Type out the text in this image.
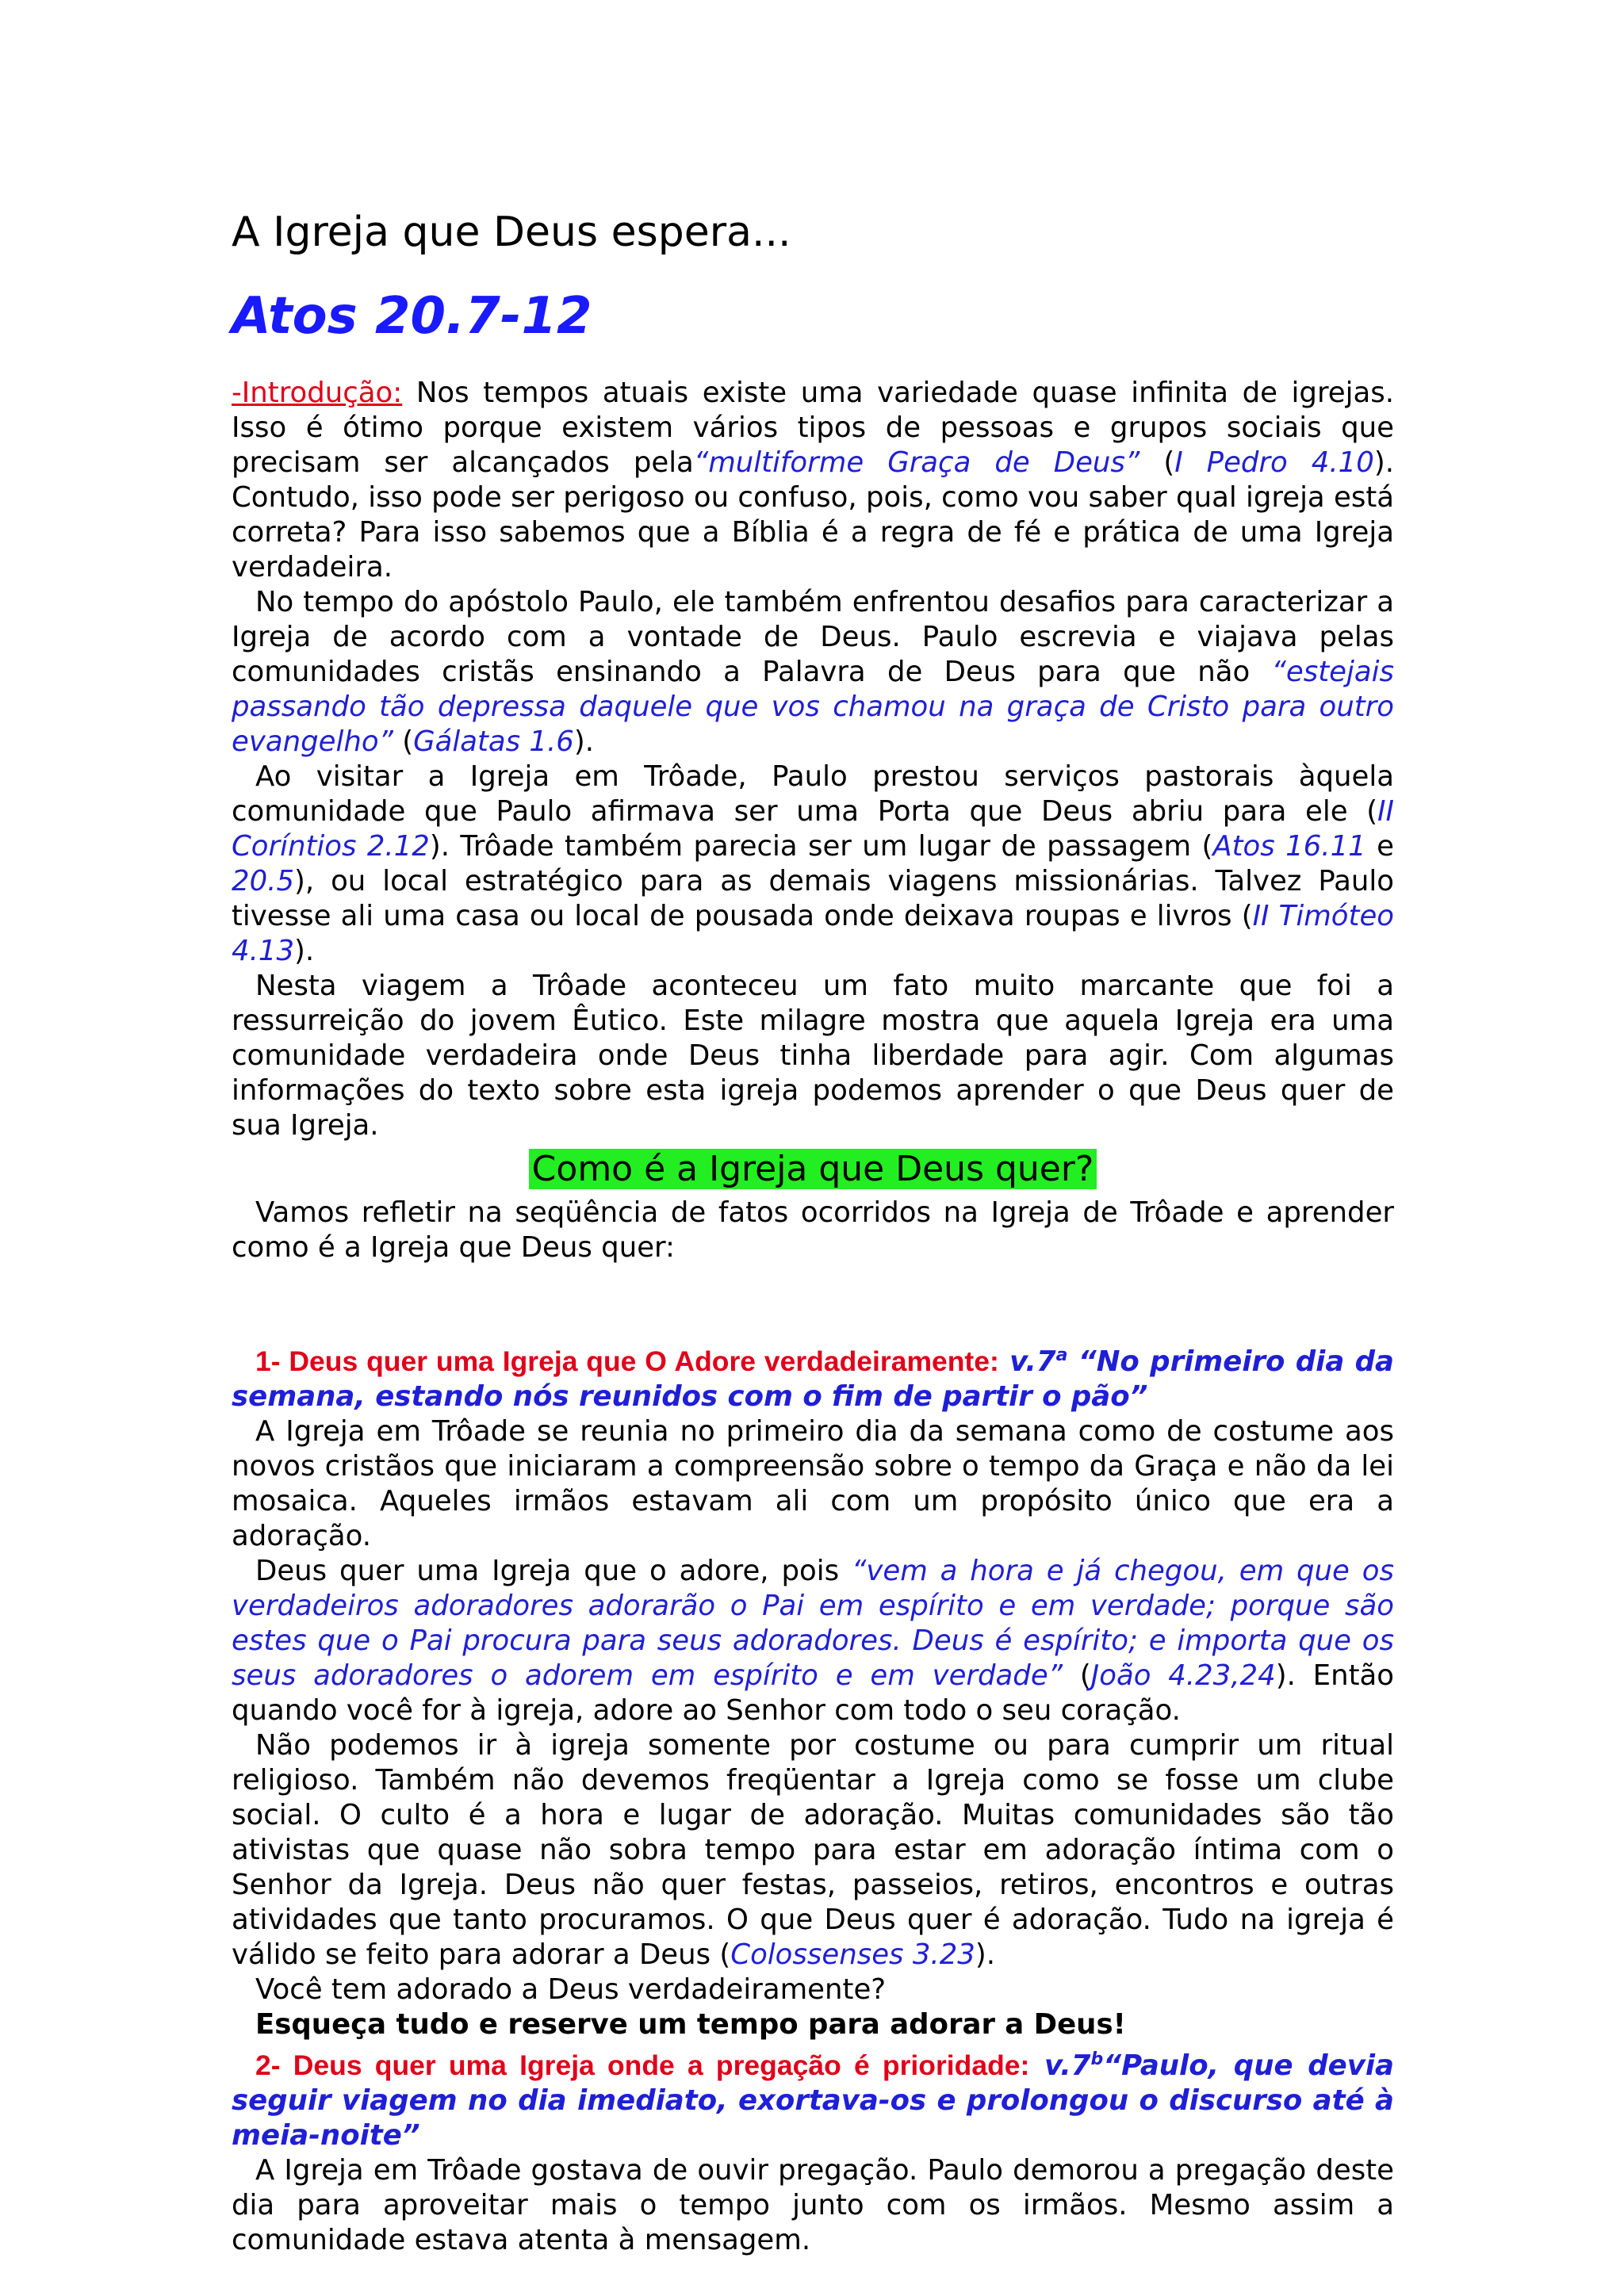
A Igreja que Deus espera...
Atos 20.7-12

-Introdução: Nos tempos atuais existe uma variedade quase infinita de igrejas. Isso é ótimo porque existem vários tipos de pessoas e grupos sociais que precisam ser alcançados pela“multiforme Graça de Deus” (I Pedro 4.10). Contudo, isso pode ser perigoso ou confuso, pois, como vou saber qual igreja está correta? Para isso sabemos que a Bíblia é a regra de fé e prática de uma Igreja verdadeira.

No tempo do apóstolo Paulo, ele também enfrentou desafios para caracterizar a Igreja de acordo com a vontade de Deus. Paulo escrevia e viajava pelas comunidades cristãs ensinando a Palavra de Deus para que não “estejais passando tão depressa daquele que vos chamou na graça de Cristo para outro evangelho” (Gálatas 1.6).

Ao visitar a Igreja em Trôade, Paulo prestou serviços pastorais àquela comunidade que Paulo afirmava ser uma Porta que Deus abriu para ele (II Coríntios 2.12). Trôade também parecia ser um lugar de passagem (Atos 16.11 e 20.5), ou local estratégico para as demais viagens missionárias. Talvez Paulo tivesse ali uma casa ou local de pousada onde deixava roupas e livros (II Timóteo 4.13).

Nesta viagem a Trôade aconteceu um fato muito marcante que foi a ressurreição do jovem Êutico. Este milagre mostra que aquela Igreja era uma comunidade verdadeira onde Deus tinha liberdade para agir. Com algumas informações do texto sobre esta igreja podemos aprender o que Deus quer de sua Igreja.

Como é a Igreja que Deus quer?

Vamos refletir na seqüência de fatos ocorridos na Igreja de Trôade e aprender como é a Igreja que Deus quer:

1- Deus quer uma Igreja que O Adore verdadeiramente: v.7$^a$ “No primeiro dia da semana, estando nós reunidos com o fim de partir o pão”

A Igreja em Trôade se reunia no primeiro dia da semana como de costume aos novos cristãos que iniciaram a compreensão sobre o tempo da Graça e não da lei mosaica. Aqueles irmãos estavam ali com um propósito único que era a adoração.

Deus quer uma Igreja que o adore, pois “vem a hora e já chegou, em que os verdadeiros adoradores adorarão o Pai em espírito e em verdade; porque são estes que o Pai procura para seus adoradores. Deus é espírito; e importa que os seus adoradores o adorem em espírito e em verdade” (João 4.23,24). Então quando você for à igreja, adore ao Senhor com todo o seu coração.

Não podemos ir à igreja somente por costume ou para cumprir um ritual religioso. Também não devemos freqüentar a Igreja como se fosse um clube social. O culto é a hora e lugar de adoração. Muitas comunidades são tão ativistas que quase não sobra tempo para estar em adoração íntima com o Senhor da Igreja. Deus não quer festas, passeios, retiros, encontros e outras atividades que tanto procuramos. O que Deus quer é adoração. Tudo na igreja é válido se feito para adorar a Deus (Colossenses 3.23).

Você tem adorado a Deus verdadeiramente?

Esqueça tudo e reserve um tempo para adorar a Deus!

2- Deus quer uma Igreja onde a pregação é prioridade: v.7$^b$“Paulo, que devia seguir viagem no dia imediato, exortava-os e prolongou o discurso até à meia-noite”

A Igreja em Trôade gostava de ouvir pregação. Paulo demorou a pregação deste dia para aproveitar mais o tempo junto com os irmãos. Mesmo assim a comunidade estava atenta à mensagem.
